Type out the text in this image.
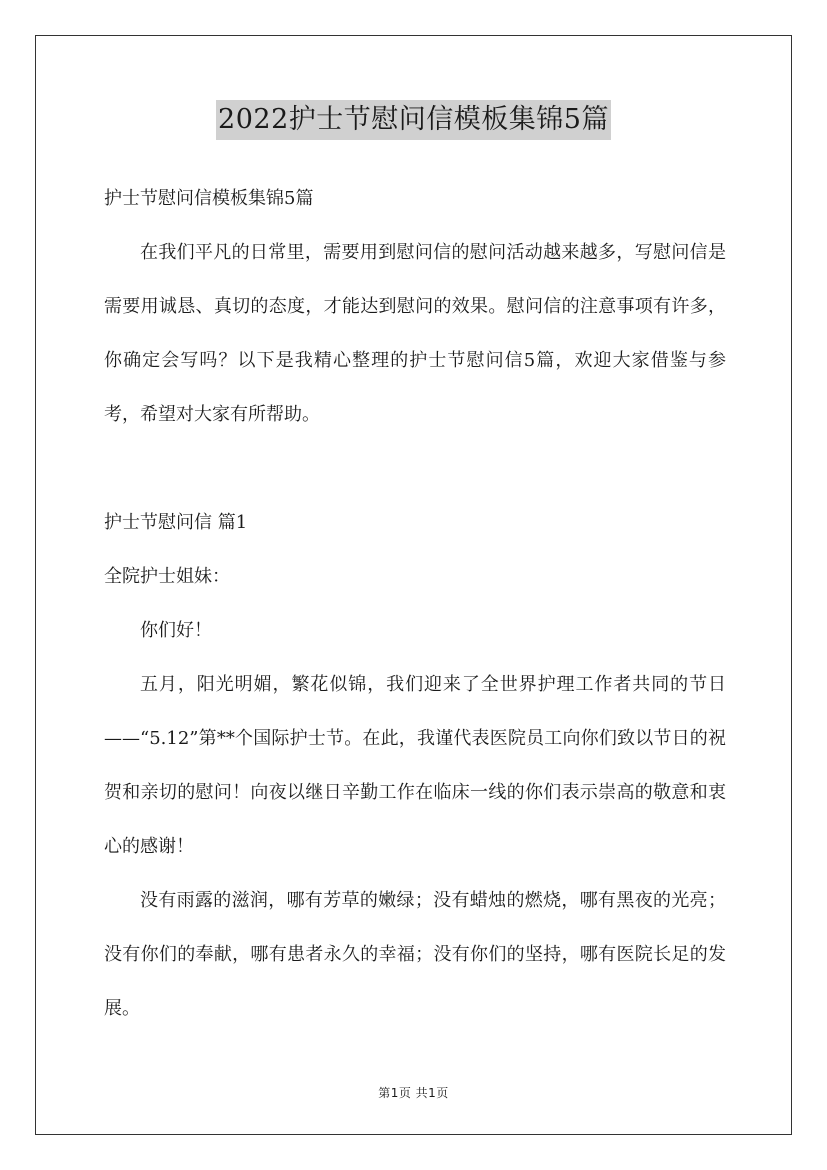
2022护士节慰问信模板集锦5篇

护士节慰问信模板集锦5篇

在我们平凡的日常里，需要用到慰问信的慰问活动越来越多，写慰问信是需要用诚恳、真切的态度，才能达到慰问的效果。慰问信的注意事项有许多，你确定会写吗？以下是我精心整理的护士节慰问信5篇，欢迎大家借鉴与参考，希望对大家有所帮助。

护士节慰问信 篇1

全院护士姐妹：

你们好！

五月，阳光明媚，繁花似锦，我们迎来了全世界护理工作者共同的节日——“5.12”第**个国际护士节。在此，我谨代表医院员工向你们致以节日的祝贺和亲切的慰问！向夜以继日辛勤工作在临床一线的你们表示崇高的敬意和衷心的感谢！

没有雨露的滋润，哪有芳草的嫩绿；没有蜡烛的燃烧，哪有黑夜的光亮；没有你们的奉献，哪有患者永久的幸福；没有你们的坚持，哪有医院长足的发展。

第1页 共1页
